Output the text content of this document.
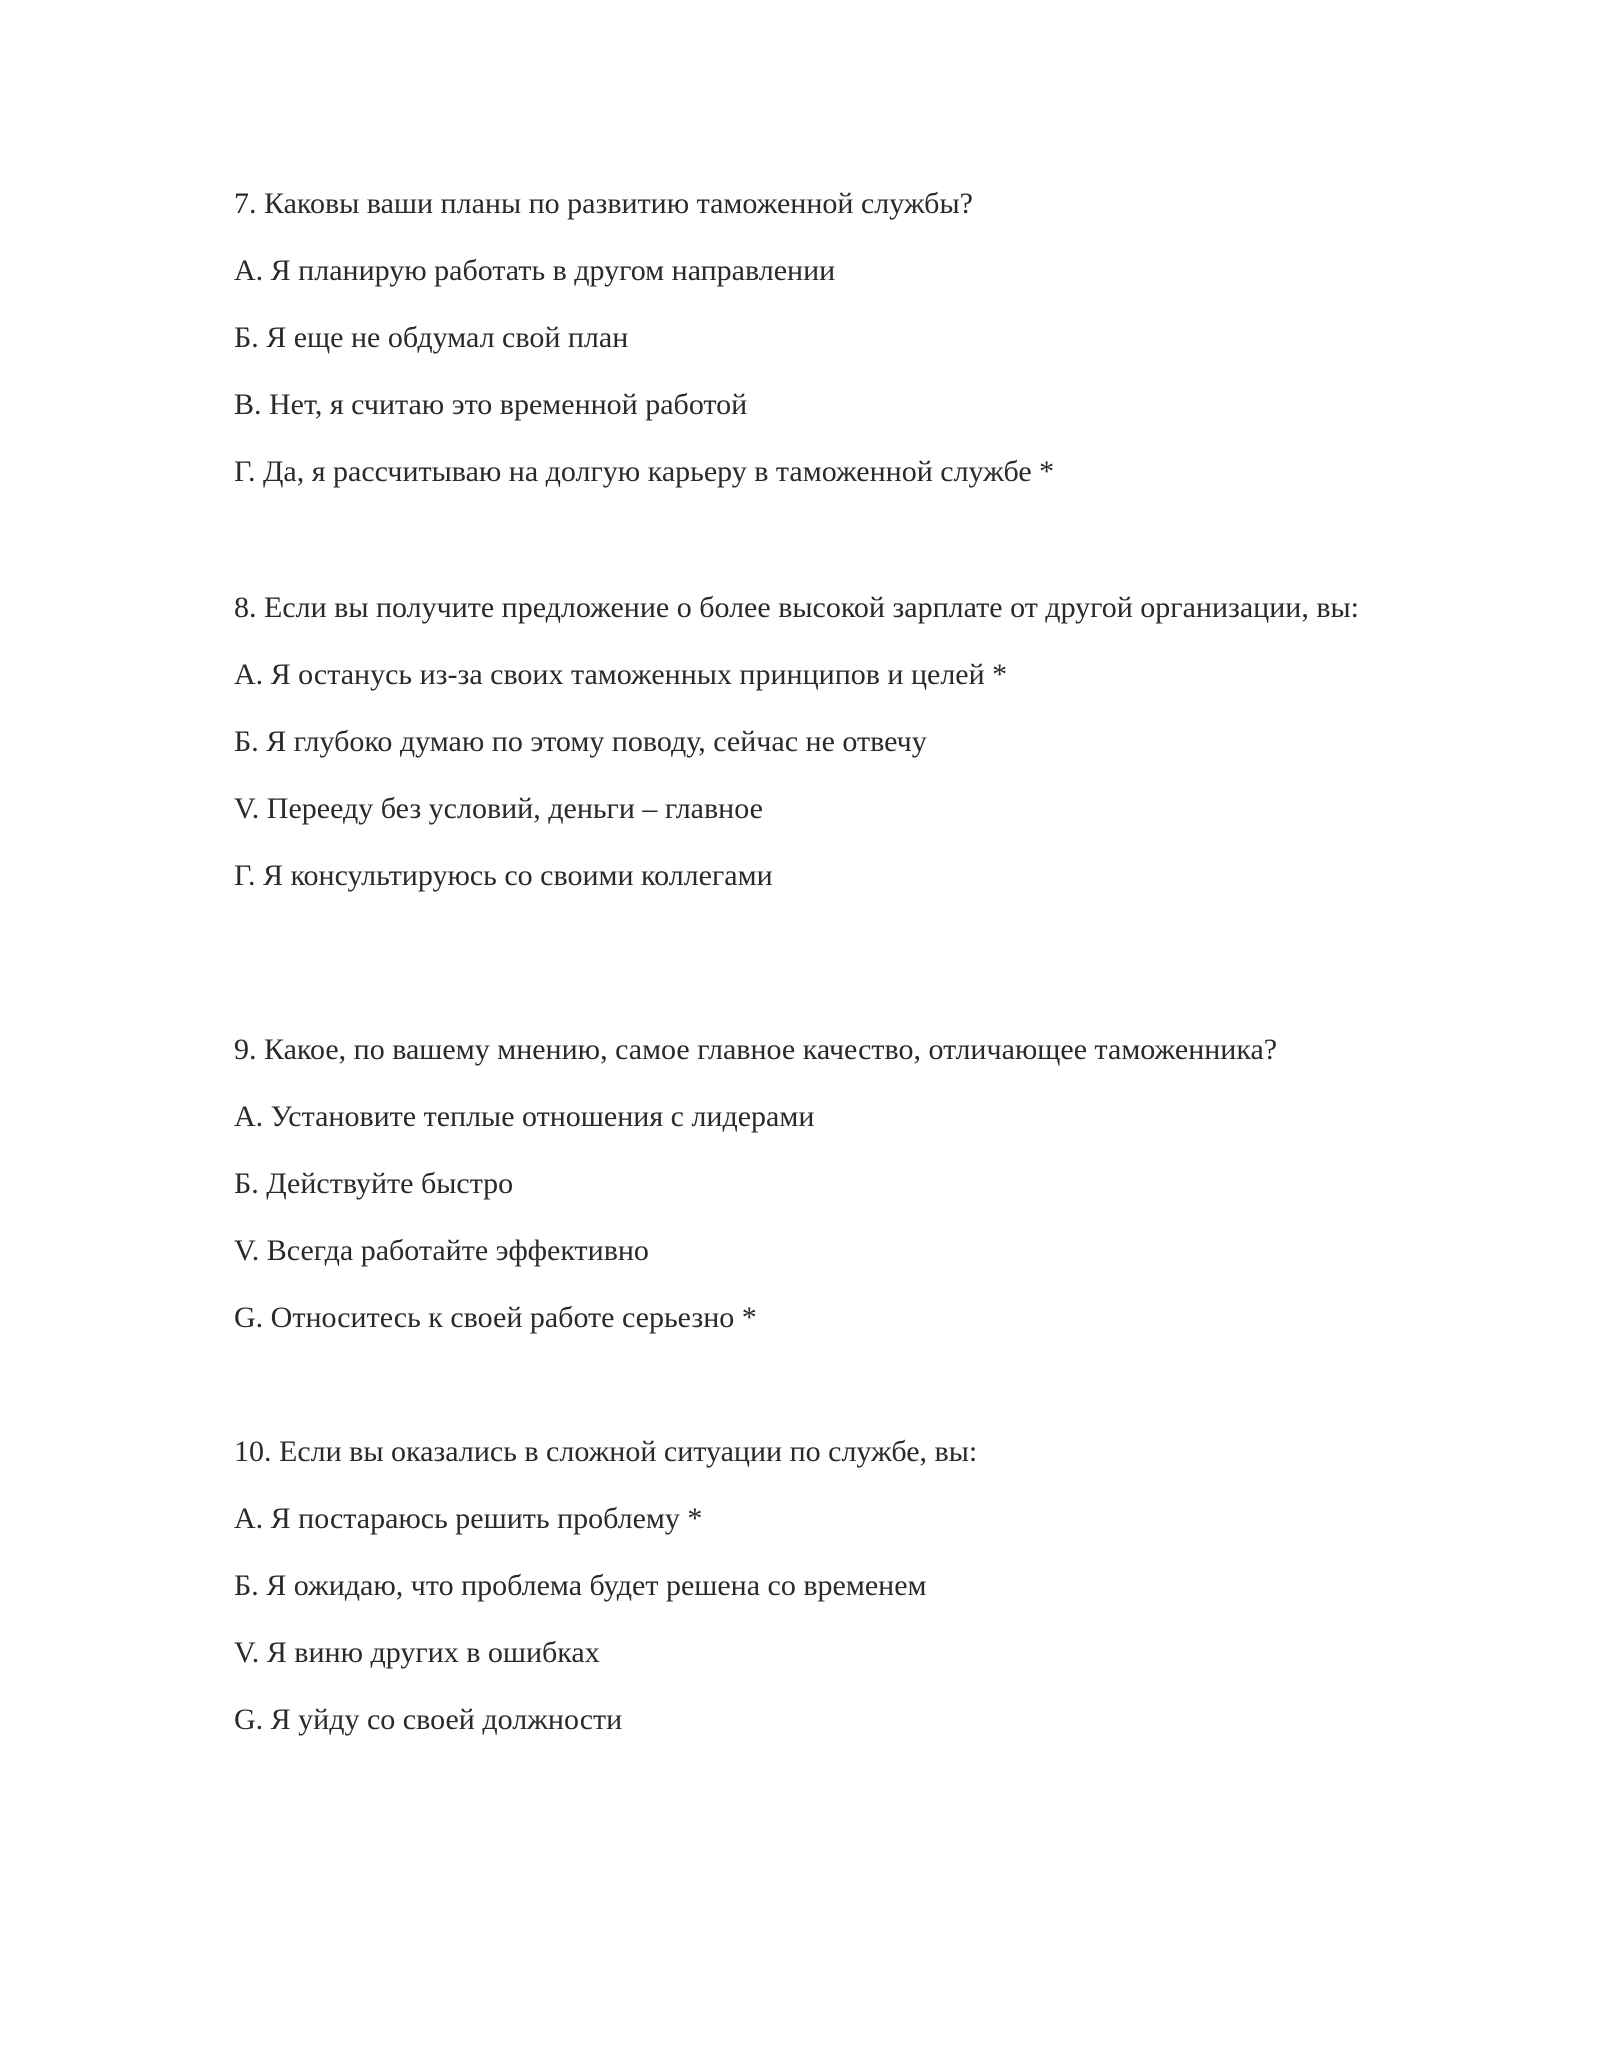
7. Каковы ваши планы по развитию таможенной службы?

А. Я планирую работать в другом направлении
Б. Я еще не обдумал свой план
В. Нет, я считаю это временной работой
Г. Да, я рассчитываю на долгую карьеру в таможенной службе *

8. Если вы получите предложение о более высокой зарплате от другой организации, вы:

А. Я останусь из-за своих таможенных принципов и целей *
Б. Я глубоко думаю по этому поводу, сейчас не отвечу
V. Перееду без условий, деньги – главное
Г. Я консультируюсь со своими коллегами

9. Какое, по вашему мнению, самое главное качество, отличающее таможенника?

А. Установите теплые отношения с лидерами
Б. Действуйте быстро
V. Всегда работайте эффективно
G. Относитесь к своей работе серьезно *

10. Если вы оказались в сложной ситуации по службе, вы:

А. Я постараюсь решить проблему *
Б. Я ожидаю, что проблема будет решена со временем
V. Я виню других в ошибках
G. Я уйду со своей должности
